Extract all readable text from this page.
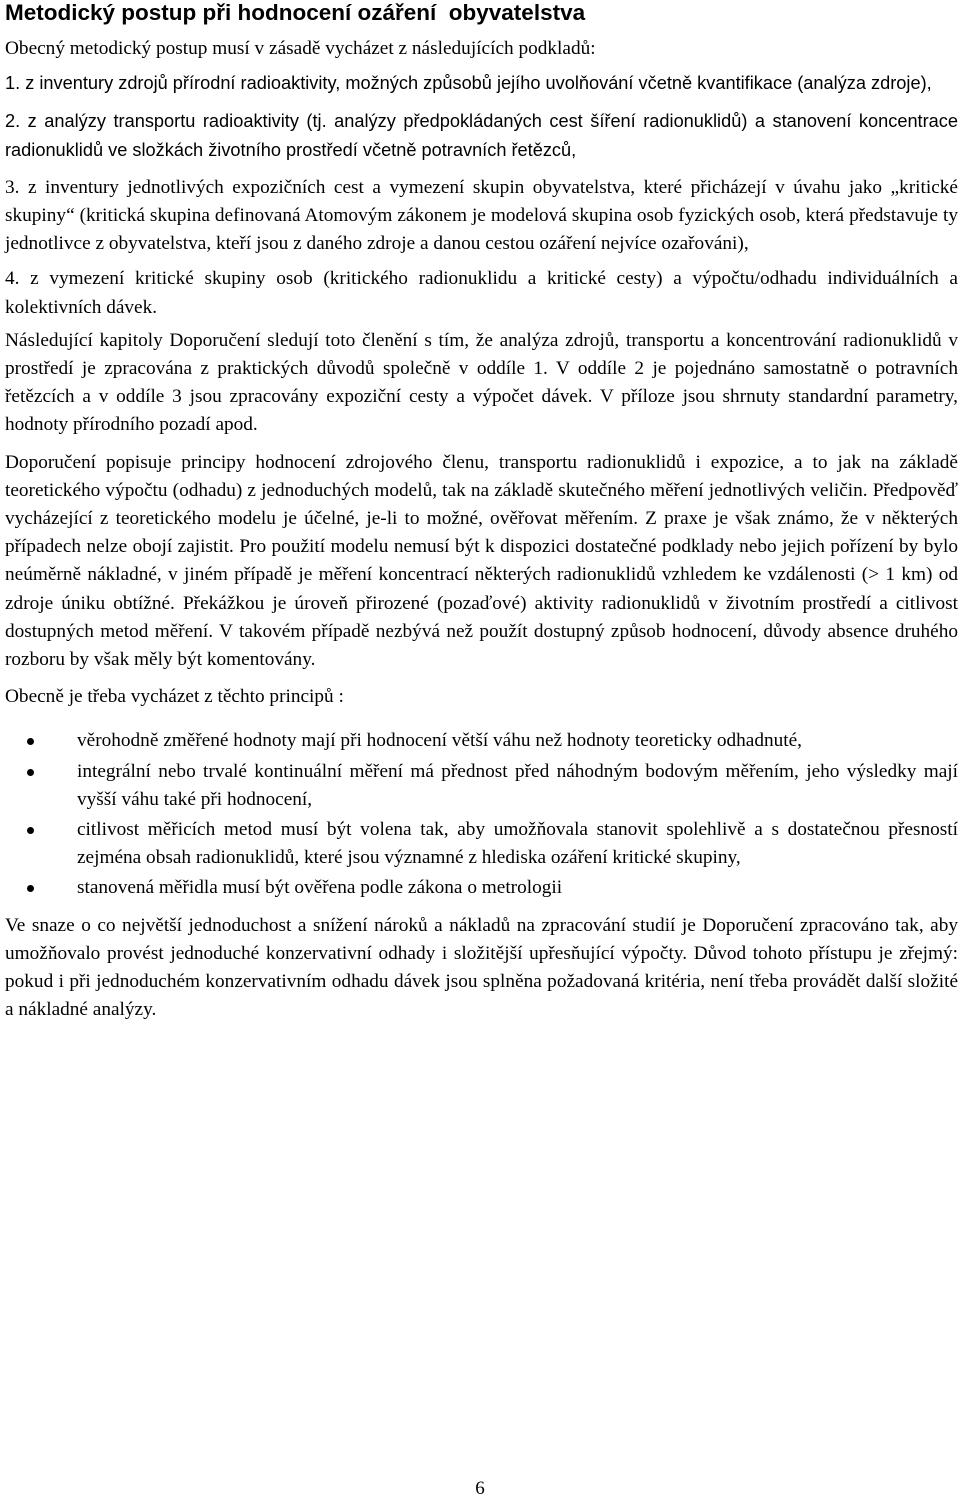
Metodický postup při hodnocení ozáření  obyvatelstva

Obecný metodický postup musí v zásadě vycházet z následujících podkladů:

1. z inventury zdrojů přírodní radioaktivity, možných způsobů jejího uvolňování včetně kvantifikace (analýza zdroje),

2. z analýzy transportu radioaktivity (tj. analýzy předpokládaných cest šíření radionuklidů) a stanovení koncentrace radionuklidů ve složkách životního prostředí včetně potravních řetězců,

3. z inventury jednotlivých expozičních cest a vymezení skupin obyvatelstva, které přicházejí v úvahu jako „kritické skupiny“ (kritická skupina definovaná Atomovým zákonem je modelová skupina osob fyzických osob, která představuje ty jednotlivce z obyvatelstva, kteří jsou z daného zdroje a danou cestou ozáření nejvíce ozařováni),

4. z vymezení kritické skupiny osob (kritického radionuklidu a kritické cesty) a výpočtu/odhadu individuálních a kolektivních dávek.

Následující kapitoly Doporučení sledují toto členění s tím, že analýza zdrojů, transportu a koncentrování radionuklidů v prostředí je zpracována z praktických důvodů společně v oddíle 1. V oddíle 2 je pojednáno samostatně o potravních řetězcích a v oddíle 3 jsou zpracovány expoziční cesty a výpočet dávek. V příloze jsou shrnuty standardní parametry, hodnoty přírodního pozadí apod.

Doporučení popisuje principy hodnocení zdrojového členu, transportu radionuklidů i expozice, a to jak na základě teoretického výpočtu (odhadu) z jednoduchých modelů, tak na základě skutečného měření jednotlivých veličin. Předpověď vycházející z teoretického modelu je účelné, je-li to možné, ověřovat měřením. Z praxe je však známo, že v některých případech nelze obojí zajistit. Pro použití modelu nemusí být k dispozici dostatečné podklady nebo jejich pořízení by bylo neúměrně nákladné, v jiném případě je měření koncentrací některých radionuklidů vzhledem ke vzdálenosti (> 1 km) od zdroje úniku obtížné. Překážkou je úroveň přirozené (pozaďové) aktivity radionuklidů v životním prostředí a citlivost dostupných metod měření. V takovém případě nezbývá než použít dostupný způsob hodnocení, důvody absence druhého rozboru by však měly být komentovány.

Obecně je třeba vycházet z těchto principů :

věrohodně změřené hodnoty mají při hodnocení větší váhu než hodnoty teoreticky odhadnuté,
integrální nebo trvalé kontinuální měření má přednost před náhodným bodovým měřením, jeho výsledky mají vyšší váhu také při hodnocení,
citlivost měřicích metod musí být volena tak, aby umožňovala stanovit spolehlivě a s dostatečnou přesností zejména obsah radionuklidů, které jsou významné z hlediska ozáření kritické skupiny,
stanovená měřidla musí být ověřena podle zákona o metrologii

Ve snaze o co největší jednoduchost a snížení nároků a nákladů na zpracování studií je Doporučení zpracováno tak, aby umožňovalo provést jednoduché konzervativní odhady i složitější upřesňující výpočty. Důvod tohoto přístupu je zřejmý: pokud i při jednoduchém konzervativním odhadu dávek jsou splněna požadovaná kritéria, není třeba provádět další složité a nákladné analýzy.

6
